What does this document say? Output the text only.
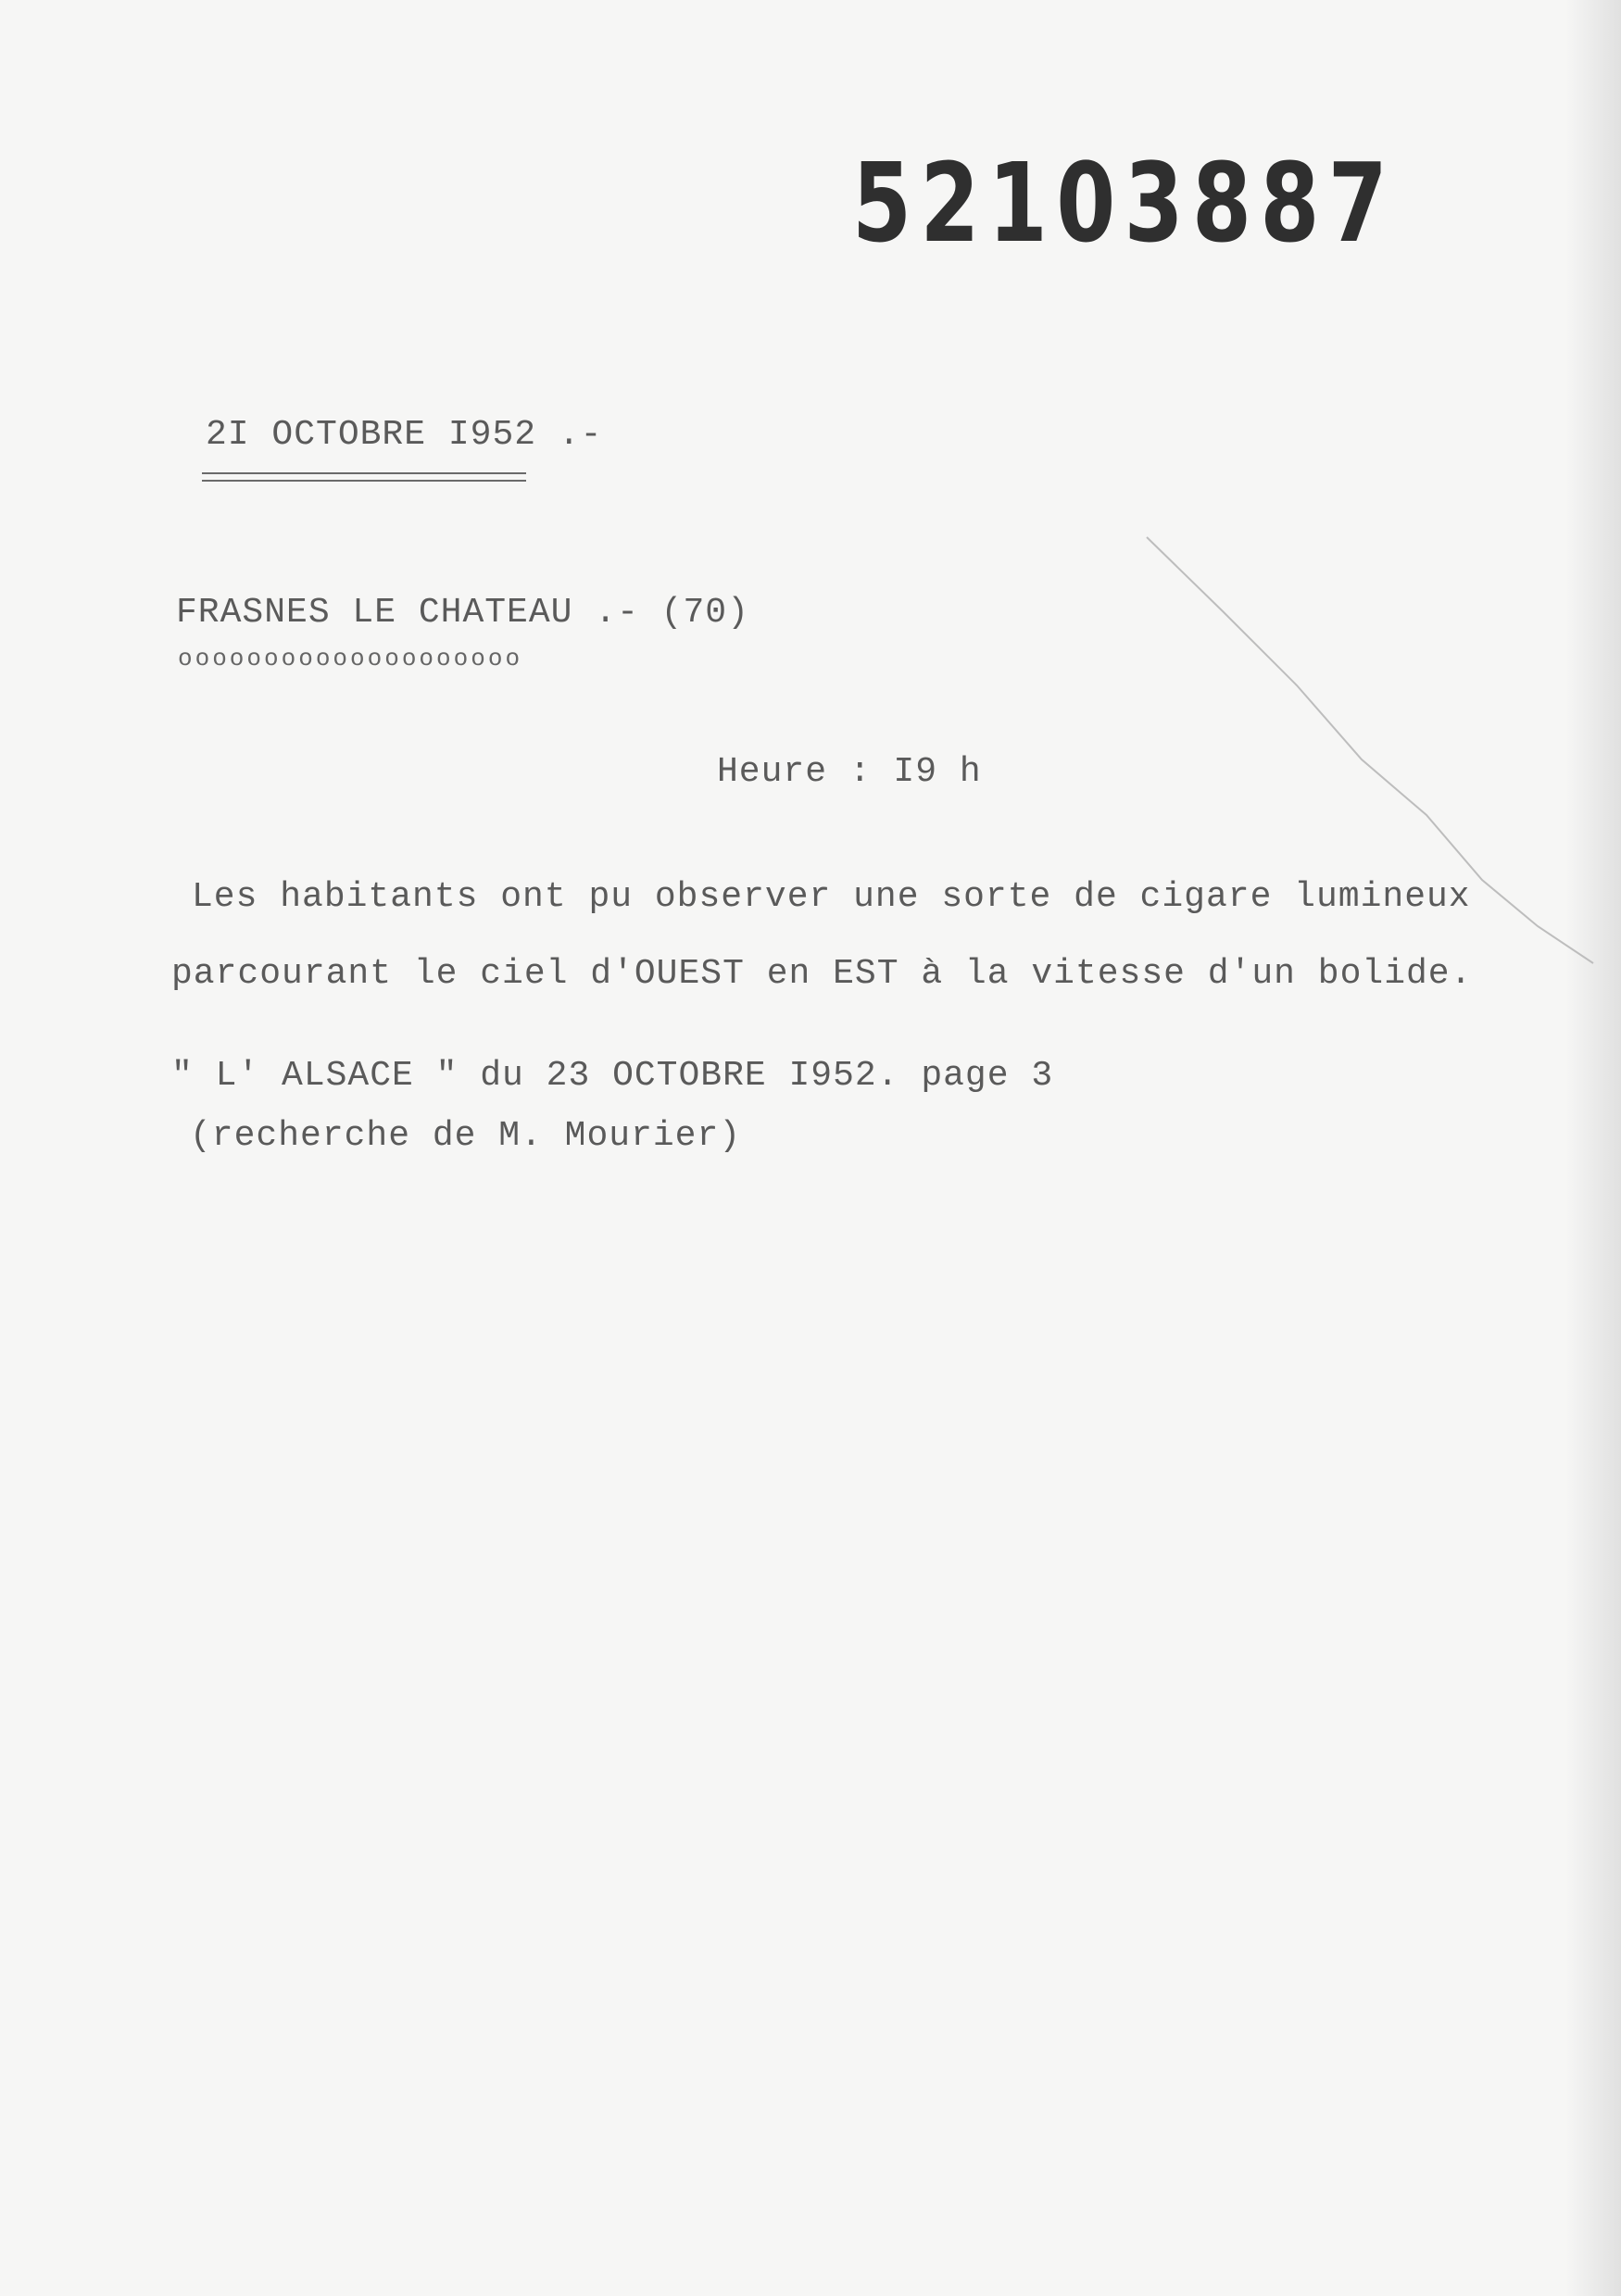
52103887
2I OCTOBRE I952 .-
FRASNES LE CHATEAU .- (70)
oooooooooooooooooooo
Heure : I9 h
Les habitants ont pu observer une sorte de cigare lumineux
parcourant le ciel d'OUEST en EST à la vitesse d'un bolide.
" L' ALSACE " du 23 OCTOBRE I952. page 3
(recherche de M. Mourier)
